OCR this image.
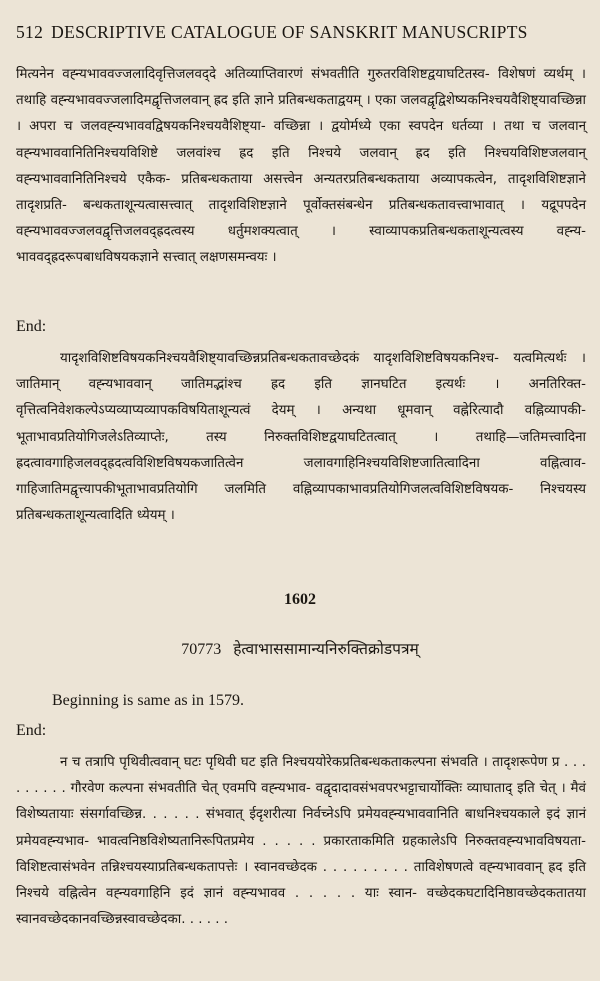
512 DESCRIPTIVE CATALOGUE OF SANSKRIT MANUSCRIPTS

मित्यनेन वह्न्यभाववज्जलादिवृत्तिजलवद्‍दे अतिव्याप्तिवारणं संभवतीति गुरुतरविशिष्टद्वयाघटितस्व- विशेषणं व्यर्थम् । तथाहि वह्न्यभाववज्जलादिमद्वृत्तिजलवान् ह्रद इति ज्ञाने प्रतिबन्धकताद्वयम् । एका जलवद्वृद्विशेष्यकनिश्चयवैशिष्ट्यावच्छिन्ना । अपरा च जलवह्न्यभाववद्विषयकनिश्चयवैशिष्ट्या- वच्छिन्ना । द्वयोर्मध्ये एका स्वपदेन धर्तव्या । तथा च जलवान् वह्न्यभाववानितिनिश्चयविशिष्टे जलवांश्च ह्रद इति निश्चये जलवान् ह्रद इति निश्चयविशिष्टजलवान् वह्न्यभाववानितिनिश्चये एकैक- प्रतिबन्धकताया असत्त्वेन अन्यतरप्रतिबन्धकताया अव्यापकत्वेन, तादृशविशिष्टज्ञाने तादृशप्रति- बन्धकताशून्यत्वासत्त्वात् तादृशविशिष्टज्ञाने पूर्वोक्तसंबन्धेन प्रतिबन्धकतावत्त्वाभावात् । यद्रूपपदेन वह्न्यभाववज्जलवद्वृत्तिजलवद्‍ह्रदत्वस्य धर्तुमशक्यत्वात् । स्वाव्यापकप्रतिबन्धकताशून्यत्वस्य वह्न्य- भाववद्‍ह्रदरूपबाधविषयकज्ञाने सत्त्वात् लक्षणसमन्वयः ।

End:

यादृशविशिष्टविषयकनिश्चयवैशिष्ट्यावच्छिन्नप्रतिबन्धकतावच्छेदकं यादृशविशिष्टविषयकनिश्च- यत्वमित्यर्थः । जातिमान् वह्न्यभाववान् जातिमद्भांश्च ह्रद इति ज्ञानघटित इत्यर्थः । अनतिरिक्त- वृत्तित्वनिवेशकल्पेऽप्यव्याप्यव्यापकविषयिताशून्यत्वं देयम् । अन्यथा धूमवान् वह्नेरित्यादौ वह्निव्यापकी- भूताभावप्रतियोगिजलेऽतिव्याप्तेः, तस्य निरुक्तविशिष्टद्वयाघटितत्वात् । तथाहि—जतिमत्त्वादिना ह्रदत्वावगाहिजलवद्‍ह्रदत्वविशिष्टविषयकजातित्वेन जलावगाहिनिश्चयविशिष्टजातित्वादिना वह्नित्वाव- गाहिजातिमद्वृत्त्यापकीभूताभावप्रतियोगि जलमिति वह्निव्यापकाभावप्रतियोगिजलत्वविशिष्टविषयक- निश्चयस्य प्रतिबन्धकताशून्यत्वादिति ध्येयम् ।

1602
70773 हेत्वाभाससामान्यनिरुक्तिक्रोडपत्रम्
Beginning is same as in 1579.
End:

न च तत्रापि पृथिवीत्ववान् घटः पृथिवी घट इति निश्चययोरेकप्रतिबन्धकताकल्पना संभवति । तादृशरूपेण प्र . . . . . . . . . गौरवेण कल्पना संभवतीति चेत् एवमपि वह्न्यभाव- वद्वृदादावसंभवपरभट्टाचार्योक्तिः व्याघाताद् इति चेत् । मैवं विशेष्यतायाः संसर्गावच्छिन्न. . . . . . संभवात् ईदृशरीत्या निर्वच्नेऽपि प्रमेयवह्न्यभाववानिति बाधनिश्चयकाले इदं ज्ञानं प्रमेयवह्न्यभाव- भावत्वनिष्ठविशेष्यतानिरूपितप्रमेय . . . . . प्रकारताकमिति ग्रहकालेऽपि निरुक्तवह्न्यभावविषयता- विशिष्टत्वासंभवेन तन्निश्चयस्याप्रतिबन्धकतापत्तेः । स्वानवच्छेदक . . . . . . . . . ताविशेषणत्वे वह्न्यभाववान् ह्रद इति निश्चये वह्नित्वेन वह्न्यवगाहिनि इदं ज्ञानं वह्न्यभावव . . . . . याः स्वान- वच्छेदकघटादिनिष्ठावच्छेदकतातया स्वानवच्छेदकानवच्छिन्नस्वावच्छेदका. . . . . .
